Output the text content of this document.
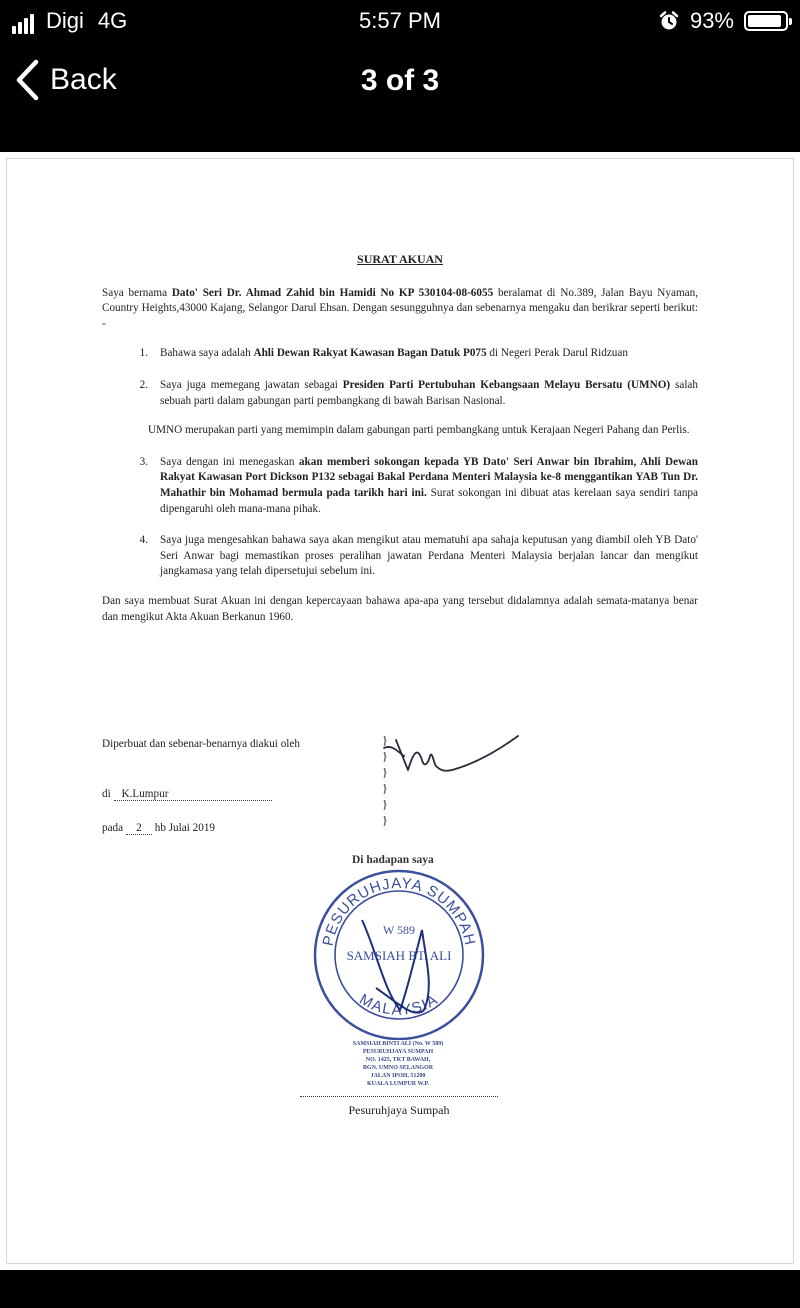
Digi 4G	5:57 PM	93%
Back	3 of 3
SURAT AKUAN

Saya bernama Dato' Seri Dr. Ahmad Zahid bin Hamidi No KP 530104-08-6055 beralamat di No.389, Jalan Bayu Nyaman, Country Heights,43000 Kajang, Selangor Darul Ehsan. Dengan sesungguhnya dan sebenarnya mengaku dan berikrar seperti berikut: -

1.	Bahawa saya adalah Ahli Dewan Rakyat Kawasan Bagan Datuk P075 di Negeri Perak Darul Ridzuan
2.	Saya juga memegang jawatan sebagai Presiden Parti Pertubuhan Kebangsaan Melayu Bersatu (UMNO) salah sebuah parti dalam gabungan parti pembangkang di bawah Barisan Nasional.
UMNO merupakan parti yang memimpin dalam gabungan parti pembangkang untuk Kerajaan Negeri Pahang dan Perlis.
3.	Saya dengan ini menegaskan akan memberi sokongan kepada YB Dato' Seri Anwar bin Ibrahim, Ahli Dewan Rakyat Kawasan Port Dickson P132 sebagai Bakal Perdana Menteri Malaysia ke-8 menggantikan YAB Tun Dr. Mahathir bin Mohamad bermula pada tarikh hari ini. Surat sokongan ini dibuat atas kerelaan saya sendiri tanpa dipengaruhi oleh mana-mana pihak.
4.	Saya juga mengesahkan bahawa saya akan mengikut atau mematuhi apa sahaja keputusan yang diambil oleh YB Dato' Seri Anwar bagi memastikan proses peralihan jawatan Perdana Menteri Malaysia berjalan lancar dan mengikut jangkamasa yang telah dipersetujui sebelum ini.

Dan saya membuat Surat Akuan ini dengan kepercayaan bahawa apa-apa yang tersebut didalamnya adalah semata-matanya benar dan mengikut Akta Akuan Berkanun 1960.

Diperbuat dan sebenar-benarnya diakui oleh	}
}
}
}
}
}
di K.Lumpur
pada 2 hb Julai 2019
Di hadapan saya
PESURUHJAYA SUMPAH
MALAYSIA
W 589
SAMSIAH BT. ALI
SAMSIAH BINTI ALI (No. W 589)
PESURUHJAYA SUMPAH
NO. 1425, TKT BAWAH,
BGN. UMNO SELANGOR
JALAN IPOH, 51200
KUALA LUMPUR W.P.
Pesuruhjaya Sumpah
